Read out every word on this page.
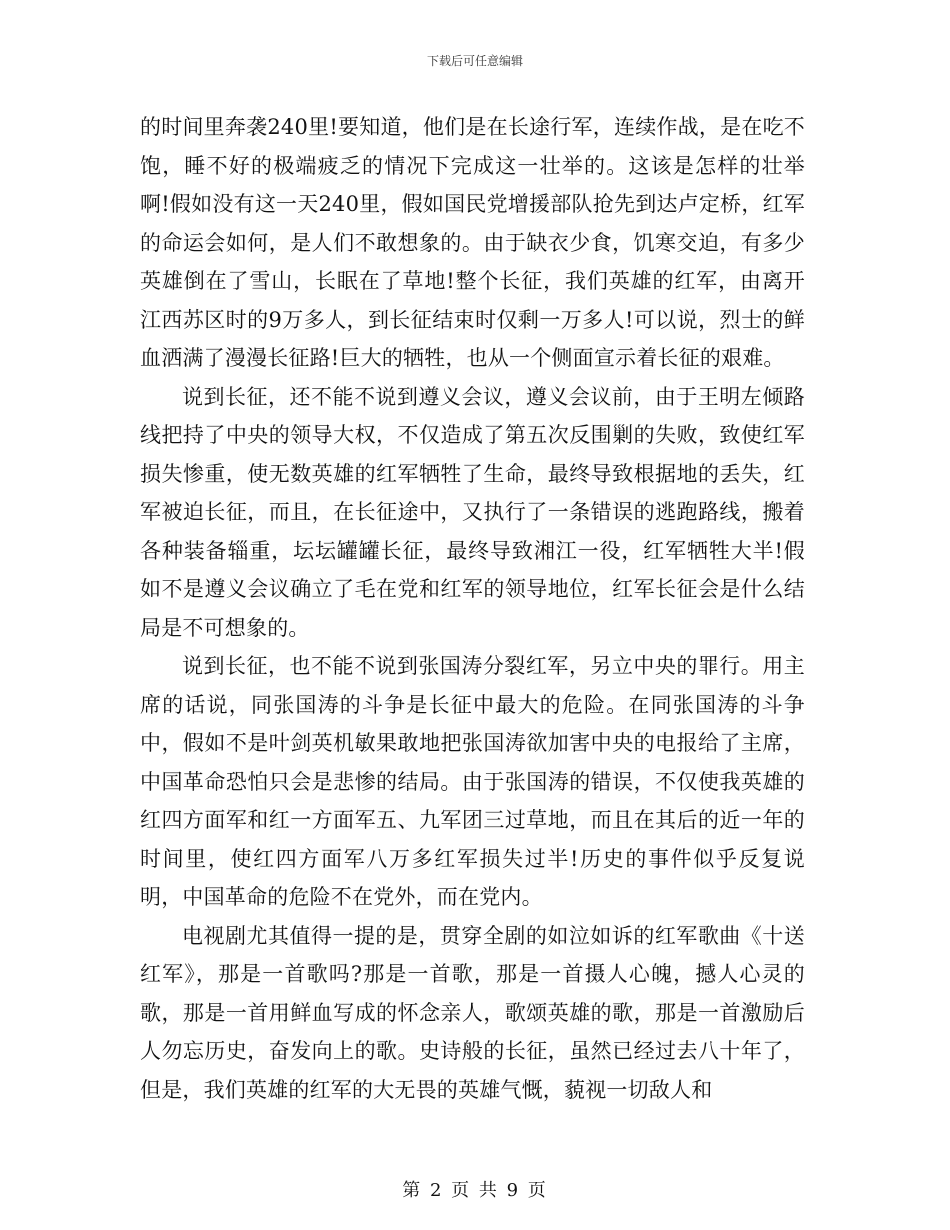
下载后可任意编辑

的时间里奔袭240里!要知道，他们是在长途行军，连续作战，是在吃不饱，睡不好的极端疲乏的情况下完成这一壮举的。这该是怎样的壮举啊!假如没有这一天240里，假如国民党增援部队抢先到达卢定桥，红军的命运会如何，是人们不敢想象的。由于缺衣少食，饥寒交迫，有多少英雄倒在了雪山，长眠在了草地!整个长征，我们英雄的红军，由离开江西苏区时的9万多人，到长征结束时仅剩一万多人!可以说，烈士的鲜血洒满了漫漫长征路!巨大的牺牲，也从一个侧面宣示着长征的艰难。

说到长征，还不能不说到遵义会议，遵义会议前，由于王明左倾路线把持了中央的领导大权，不仅造成了第五次反围剿的失败，致使红军损失惨重，使无数英雄的红军牺牲了生命，最终导致根据地的丢失，红军被迫长征，而且，在长征途中，又执行了一条错误的逃跑路线，搬着各种装备辎重，坛坛罐罐长征，最终导致湘江一役，红军牺牲大半!假如不是遵义会议确立了毛在党和红军的领导地位，红军长征会是什么结局是不可想象的。

说到长征，也不能不说到张国涛分裂红军，另立中央的罪行。用主席的话说，同张国涛的斗争是长征中最大的危险。在同张国涛的斗争中，假如不是叶剑英机敏果敢地把张国涛欲加害中央的电报给了主席，中国革命恐怕只会是悲惨的结局。由于张国涛的错误，不仅使我英雄的红四方面军和红一方面军五、九军团三过草地，而且在其后的近一年的时间里，使红四方面军八万多红军损失过半!历史的事件似乎反复说明，中国革命的危险不在党外，而在党内。

电视剧尤其值得一提的是，贯穿全剧的如泣如诉的红军歌曲《十送红军》，那是一首歌吗?那是一首歌，那是一首摄人心魄，撼人心灵的歌，那是一首用鲜血写成的怀念亲人，歌颂英雄的歌，那是一首激励后人勿忘历史，奋发向上的歌。史诗般的长征，虽然已经过去八十年了，但是，我们英雄的红军的大无畏的英雄气慨，藐视一切敌人和

第 2 页 共 9 页
